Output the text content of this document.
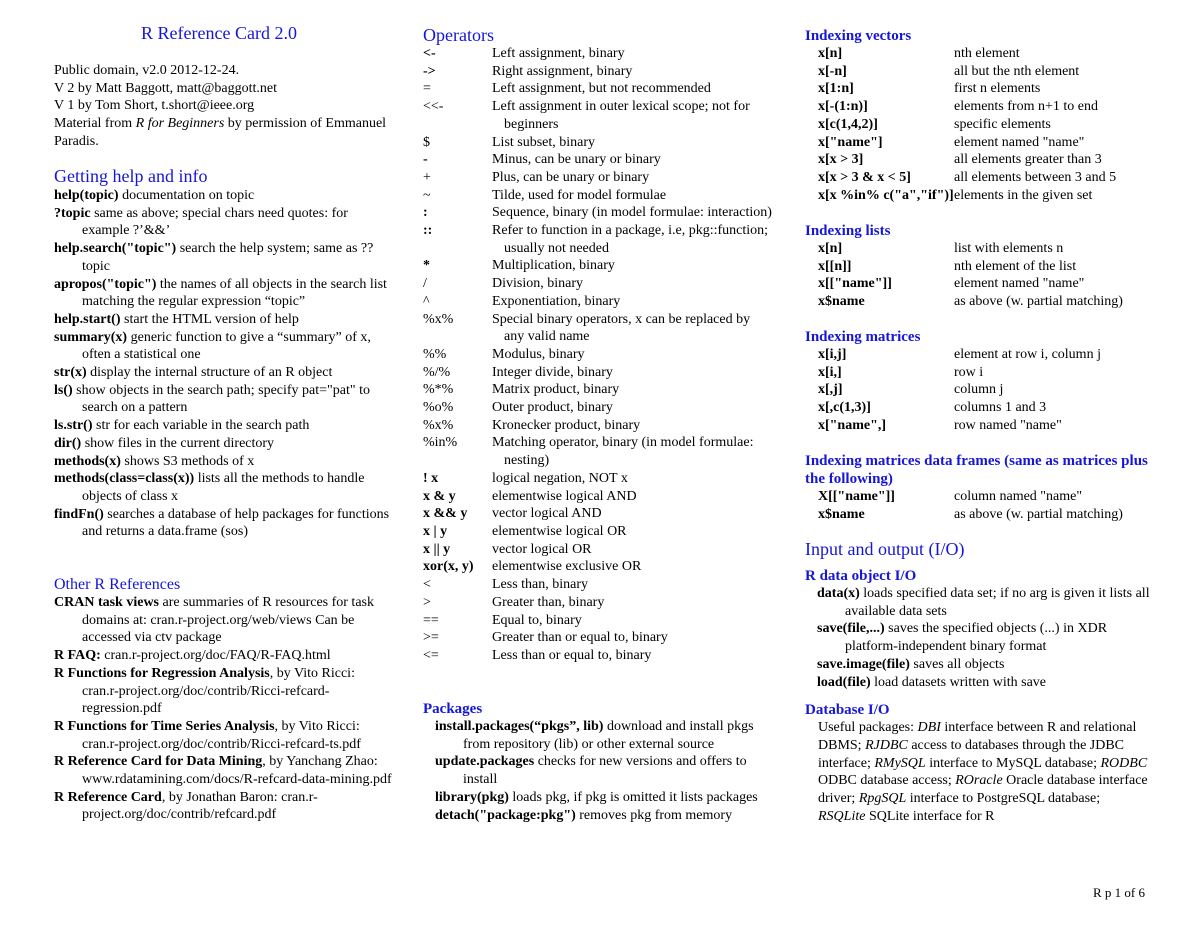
R Reference Card 2.0

Public domain, v2.0 2012-12-24.

V 2 by Matt Baggott, matt@baggott.net

V 1 by Tom Short, t.short@ieee.org

Material from R for Beginners by permission of Emmanuel Paradis.

Getting help and info

help(topic) documentation on topic

?topic same as above; special chars need quotes: for example ?’&&’

help.search("topic") search the help system; same as ??topic

apropos("topic") the names of all objects in the search list matching the regular expression “topic”

help.start() start the HTML version of help

summary(x) generic function to give a “summary” of x, often a statistical one

str(x) display the internal structure of an R object

ls() show objects in the search path; specify pat="pat" to search on a pattern

ls.str() str for each variable in the search path

dir() show files in the current directory

methods(x) shows S3 methods of x

methods(class=class(x)) lists all the methods to handle objects of class x

findFn() searches a database of help packages for functions and returns a data.frame (sos)

Other R References

CRAN task views are summaries of R resources for task domains at: cran.r-project.org/web/views Can be accessed via ctv package

R FAQ: cran.r-project.org/doc/FAQ/R-FAQ.html

R Functions for Regression Analysis, by Vito Ricci: cran.r-project.org/doc/contrib/Ricci-refcard-regression.pdf

R Functions for Time Series Analysis, by Vito Ricci: cran.r-project.org/doc/contrib/Ricci-refcard-ts.pdf

R Reference Card for Data Mining, by Yanchang Zhao: www.rdatamining.com/docs/R-refcard-data-mining.pdf

R Reference Card, by Jonathan Baron: cran.r-project.org/doc/contrib/refcard.pdf

Operators
<-	Left assignment, binary
->	Right assignment, binary
=	Left assignment, but not recommended
<<-	Left assignment in outer lexical scope; not for beginners
$	List subset, binary
-	Minus, can be unary or binary
+	Plus, can be unary or binary
~	Tilde, used for model formulae
:	Sequence, binary (in model formulae: interaction)
::	Refer to function in a package, i.e, pkg::function; usually not needed
*	Multiplication, binary
/	Division, binary
^	Exponentiation, binary
%x%	Special binary operators, x can be replaced by any valid name
%%	Modulus, binary
%/%	Integer divide, binary
%*%	Matrix product, binary
%o%	Outer product, binary
%x%	Kronecker product, binary
%in%	Matching operator, binary (in model formulae: nesting)
! x	logical negation, NOT x
x & y	elementwise logical AND
x && y	vector logical AND
x | y	elementwise logical OR
x || y	vector logical OR
xor(x, y)	elementwise exclusive OR
<	Less than, binary
>	Greater than, binary
==	Equal to, binary
>=	Greater than or equal to, binary
<=	Less than or equal to, binary
Packages

install.packages(“pkgs”, lib) download and install pkgs from repository (lib) or other external source

update.packages checks for new versions and offers to install

library(pkg) loads pkg, if pkg is omitted it lists packages

detach("package:pkg") removes pkg from memory

Indexing vectors
x[n]	nth element
x[-n]	all but the nth element
x[1:n]	first n elements
x[-(1:n)]	elements from n+1 to end
x[c(1,4,2)]	specific elements
x["name"]	element named "name"
x[x > 3]	all elements greater than 3
x[x > 3 & x < 5]	all elements between 3 and 5
x[x %in% c("a","if")] elements in the given set
Indexing lists
x[n]	list with elements n
x[[n]]	nth element of the list
x[["name"]]	element named "name"
x$name	as above (w. partial matching)
Indexing matrices
x[i,j]	element at row i, column j
x[i,]	row i
x[,j]	column j
x[,c(1,3)]	columns 1 and 3
x["name",]	row named "name"
Indexing matrices data frames (same as matrices plus the following)
X[["name"]]	column named "name"
x$name	as above (w. partial matching)
Input and output (I/O)
R data object I/O

data(x) loads specified data set; if no arg is given it lists all available data sets

save(file,...) saves the specified objects (...) in XDR platform-independent binary format

save.image(file) saves all objects

load(file) load datasets written with save

Database I/O

Useful packages: DBI interface between R and relational DBMS; RJDBC access to databases through the JDBC interface; RMySQL interface to MySQL database; RODBC ODBC database access; ROracle Oracle database interface driver; RpgSQL interface to PostgreSQL database; RSQLite SQLite interface for R

R p 1 of 6
